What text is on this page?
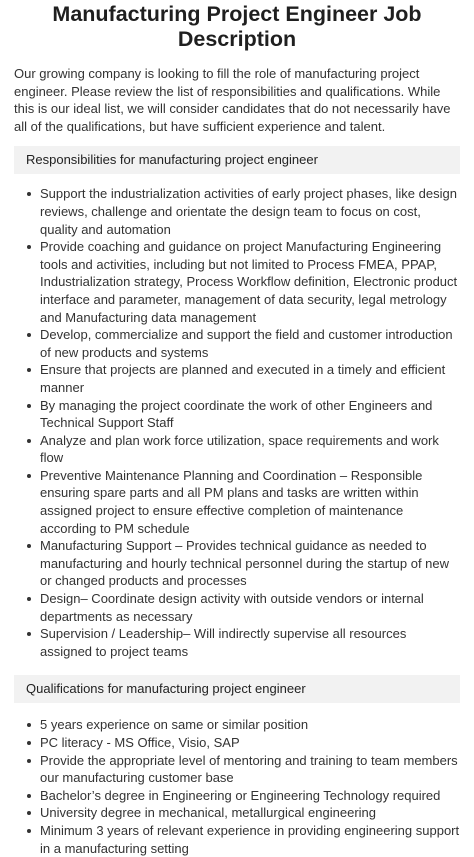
Manufacturing Project Engineer Job Description

Our growing company is looking to fill the role of manufacturing project engineer. Please review the list of responsibilities and qualifications. While this is our ideal list, we will consider candidates that do not necessarily have all of the qualifications, but have sufficient experience and talent.

Responsibilities for manufacturing project engineer
Support the industrialization activities of early project phases, like design reviews, challenge and orientate the design team to focus on cost, quality and automation
Provide coaching and guidance on project Manufacturing Engineering tools and activities, including but not limited to Process FMEA, PPAP, Industrialization strategy, Process Workflow definition, Electronic product interface and parameter, management of data security, legal metrology and Manufacturing data management
Develop, commercialize and support the field and customer introduction of new products and systems
Ensure that projects are planned and executed in a timely and efficient manner
By managing the project coordinate the work of other Engineers and Technical Support Staff
Analyze and plan work force utilization, space requirements and work flow
Preventive Maintenance Planning and Coordination – Responsible ensuring spare parts and all PM plans and tasks are written within assigned project to ensure effective completion of maintenance according to PM schedule
Manufacturing Support – Provides technical guidance as needed to manufacturing and hourly technical personnel during the startup of new or changed products and processes
Design– Coordinate design activity with outside vendors or internal departments as necessary
Supervision / Leadership– Will indirectly supervise all resources assigned to project teams
Qualifications for manufacturing project engineer
5 years experience on same or similar position
PC literacy - MS Office, Visio, SAP
Provide the appropriate level of mentoring and training to team members our manufacturing customer base
Bachelor’s degree in Engineering or Engineering Technology required
University degree in mechanical, metallurgical engineering
Minimum 3 years of relevant experience in providing engineering support in a manufacturing setting
